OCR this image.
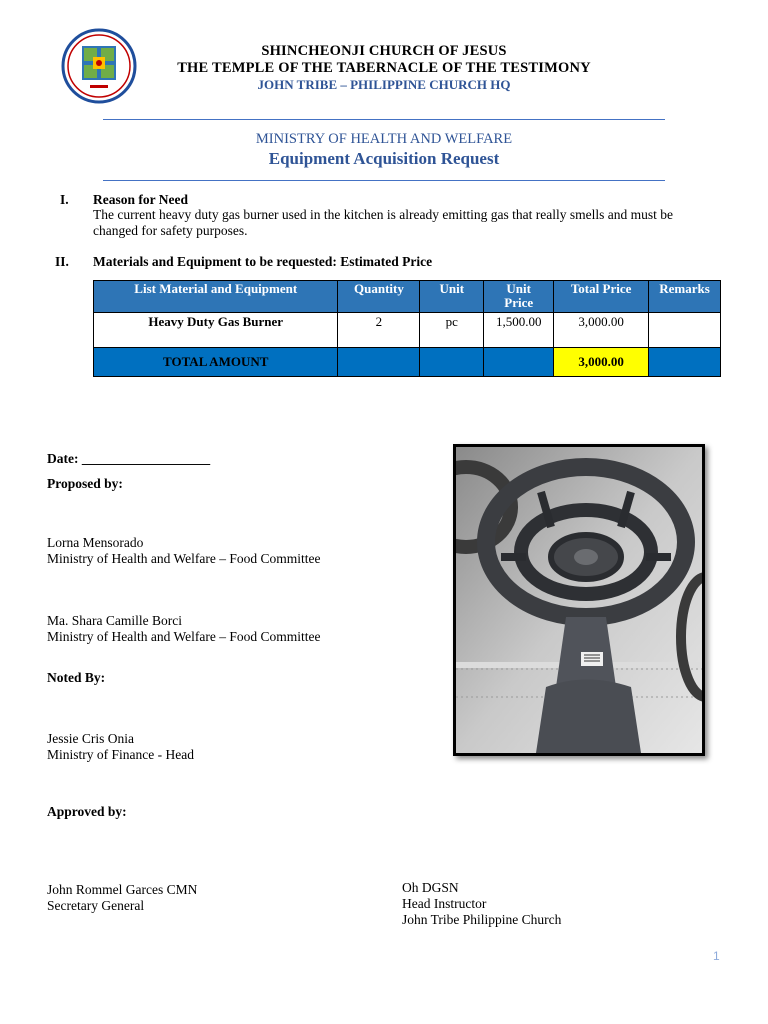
SHINCHEONJI CHURCH OF JESUS
THE TEMPLE OF THE TABERNACLE OF THE TESTIMONY
JOHN TRIBE – PHILIPPINE CHURCH HQ
MINISTRY OF HEALTH AND WELFARE
Equipment Acquisition Request
I. Reason for Need
The current heavy duty gas burner used in the kitchen is already emitting gas that really smells and must be
changed for safety purposes.
II. Materials and Equipment to be requested: Estimated Price
List Material and Equipment	Quantity	Unit	Unit Price	Total Price	Remarks
Heavy Duty Gas Burner	2	pc	1,500.00	3,000.00	
TOTAL AMOUNT				3,000.00	
Date: ___________________
Proposed by:
Lorna Mensorado
Ministry of Health and Welfare – Food Committee
Ma. Shara Camille Borci
Ministry of Health and Welfare – Food Committee
Noted By:
Jessie Cris Onia
Ministry of Finance - Head
Approved by:
John Rommel Garces CMN
Secretary General
Oh DGSN
Head Instructor
John Tribe Philippine Church
1
